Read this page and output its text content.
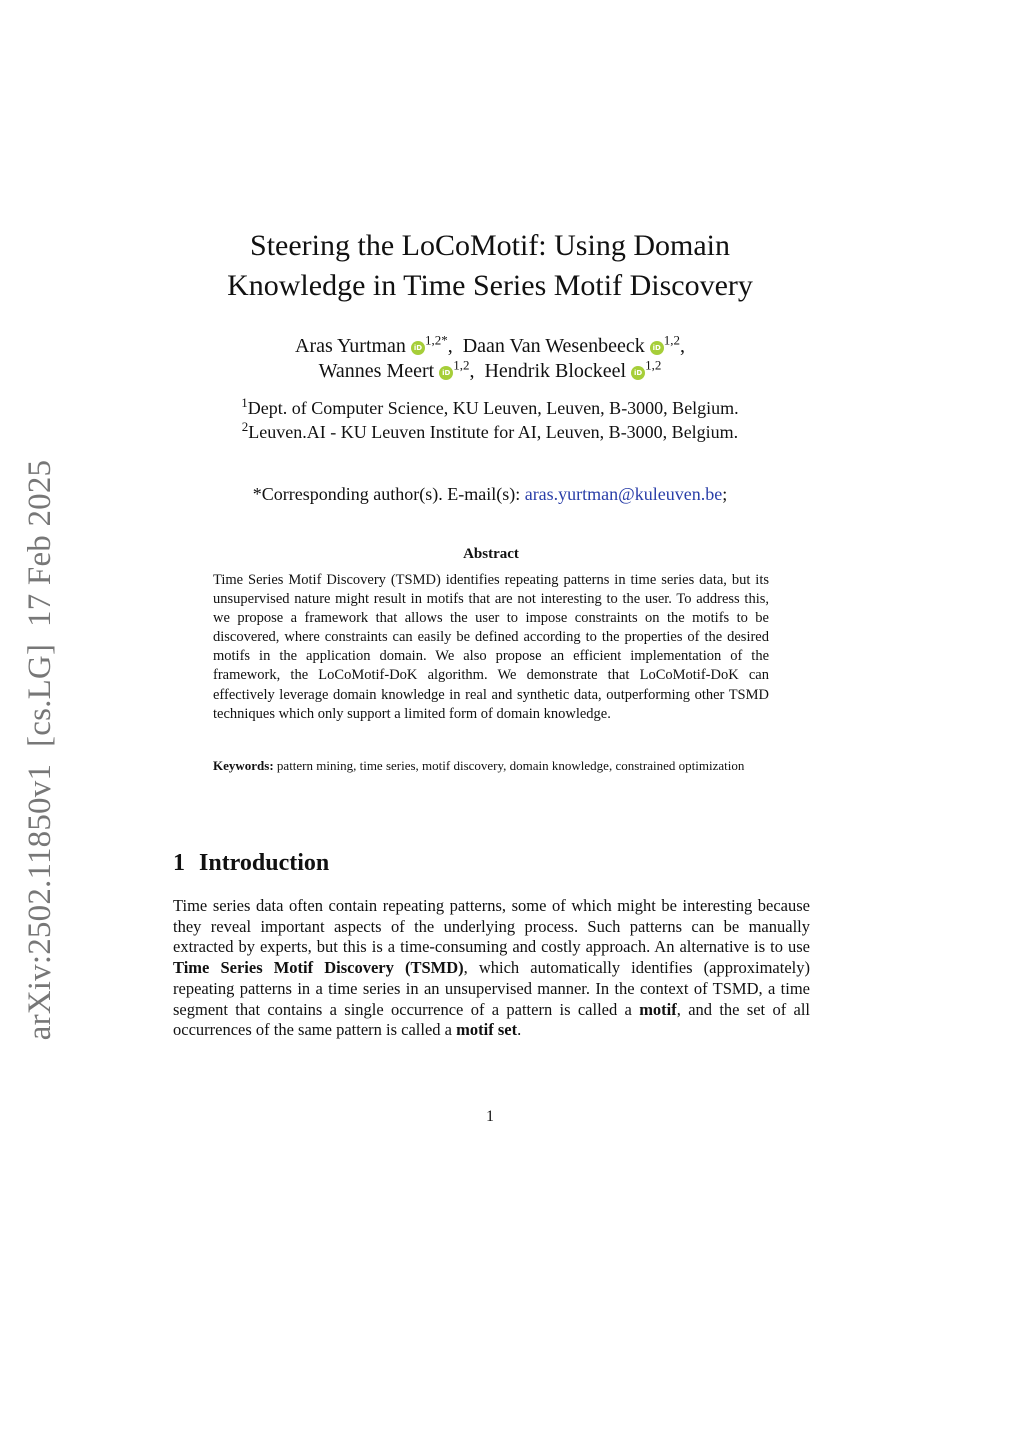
arXiv:2502.11850v1  [cs.LG]  17 Feb 2025
Steering the LoCoMotif: Using Domain
Knowledge in Time Series Motif Discovery
Aras Yurtman $iD^{1,2*}$, Daan Van Wesenbeeck iD$^{1,2}$,
Wannes Meert iD$^{1,2}$, Hendrik Blockeel iD$^{1,2}$
$^1$Dept. of Computer Science, KU Leuven, Leuven, B-3000, Belgium.
$^2$Leuven.AI - KU Leuven Institute for AI, Leuven, B-3000, Belgium.
*Corresponding author(s). E-mail(s): aras.yurtman@kuleuven.be;
Abstract

Time Series Motif Discovery (TSMD) identifies repeating patterns in time series data, but its unsupervised nature might result in motifs that are not interesting to the user. To address this, we propose a framework that allows the user to impose constraints on the motifs to be discovered, where constraints can easily be defined according to the properties of the desired motifs in the application domain. We also propose an efficient implementation of the framework, the LoCoMotif-DoK algorithm. We demonstrate that LoCoMotif-DoK can effectively leverage domain knowledge in real and synthetic data, outperforming other TSMD techniques which only support a limited form of domain knowledge.

Keywords: pattern mining, time series, motif discovery, domain knowledge, constrained optimization
1 Introduction

Time series data often contain repeating patterns, some of which might be interesting because they reveal important aspects of the underlying process. Such patterns can be manually extracted by experts, but this is a time-consuming and costly approach. An alternative is to use Time Series Motif Discovery (TSMD), which automatically identifies (approximately) repeating patterns in a time series in an unsupervised manner. In the context of TSMD, a time segment that contains a single occurrence of a pattern is called a motif, and the set of all occurrences of the same pattern is called a motif set.

1
